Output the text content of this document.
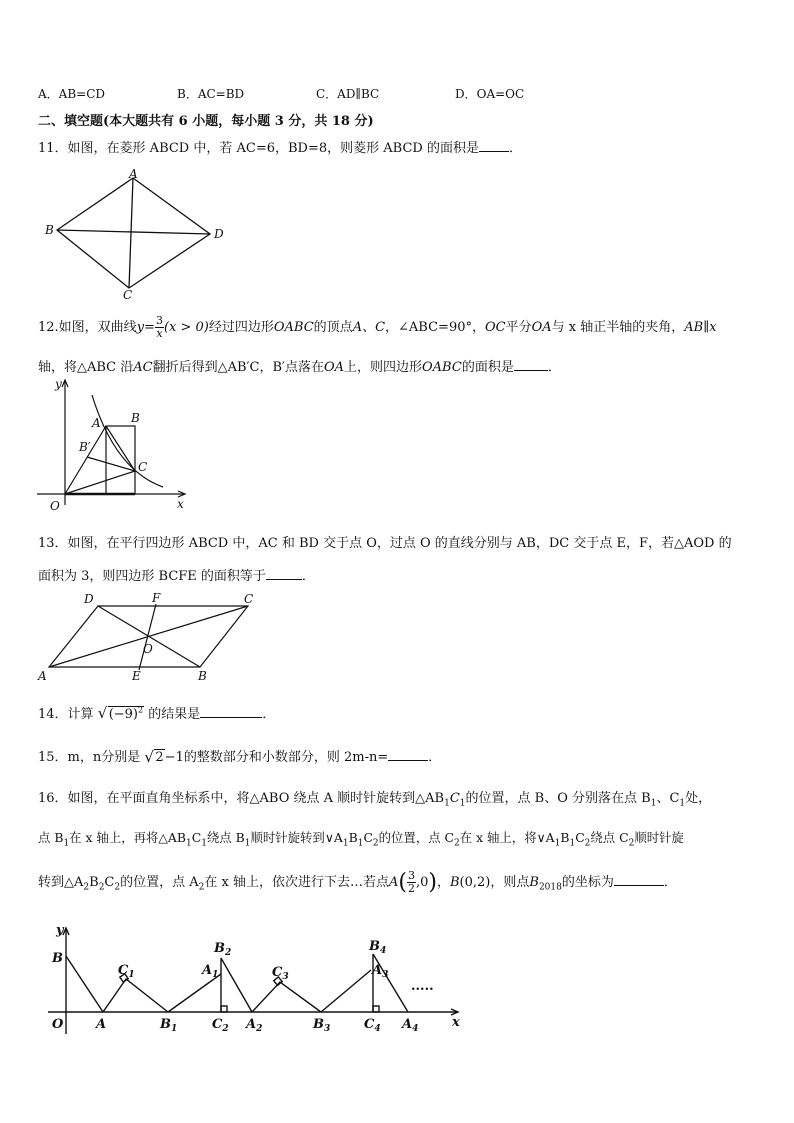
A．AB=CD	B．AC=BD	C．AD∥BC	D．OA=OC
二、填空题(本大题共有 6 小题，每小题 3 分，共 18 分)
11．如图，在菱形 ABCD 中，若 AC=6，BD=8，则菱形 ABCD 的面积是 ．
A
B
C
D
12.如图，双曲线$y= \frac{3}{x} (x > 0)$经过四边形OABC的顶点A、C，∠ABC=90°，OC平分OA与 x 轴正半轴的夹角，AB∥x
轴，将△ABC 沿AC翻折后得到△AB′C，B′点落在OA上，则四边形OABC的面积是	．
y
x
O
A	B
B′
C
13．如图，在平行四边形 ABCD 中，AC 和 BD 交于点 O，过点 O 的直线分别与 AB，DC 交于点 E，F，若△AOD 的
面积为 3，则四边形 BCFE 的面积等于	．
A	B
C
D
E
F
O
14．计算 √ $(-9)^2$ 的结果是	．
15．m，n分别是 √ 2−1的整数部分和小数部分，则 2m-n=	．
16．如图，在平面直角坐标系中，将△ABO 绕点 A 顺时针旋转到$\triangle AB_1C_1$的位置，点 B、O 分别落在点 $B_1$、$C_1$处，
点 $B_1$在 x 轴上，再将$\triangle AB_1C_1$绕点 $B_1$顺时针旋转到$\vee A_1B_1C_2$的位置，点 $C_2$在 x 轴上，将$\vee A_1B_1C_2$绕点 $C_2$顺时针旋
转到$\triangle A_2B_2C_2$的位置，点 $A_2$在 x 轴上，依次进行下去…若点$A( \frac{3}{2} ,0)$，B(0,2)，则点$B_{2018}$的坐标为	．
y
x
O
B
A
$C_1$
$B_1$
$A_1$
$B_2$
$C_2$ $A_2$
$C_3$
$B_3$
$B_4$
$A_3$
$C_4$ $A_4$
.....
